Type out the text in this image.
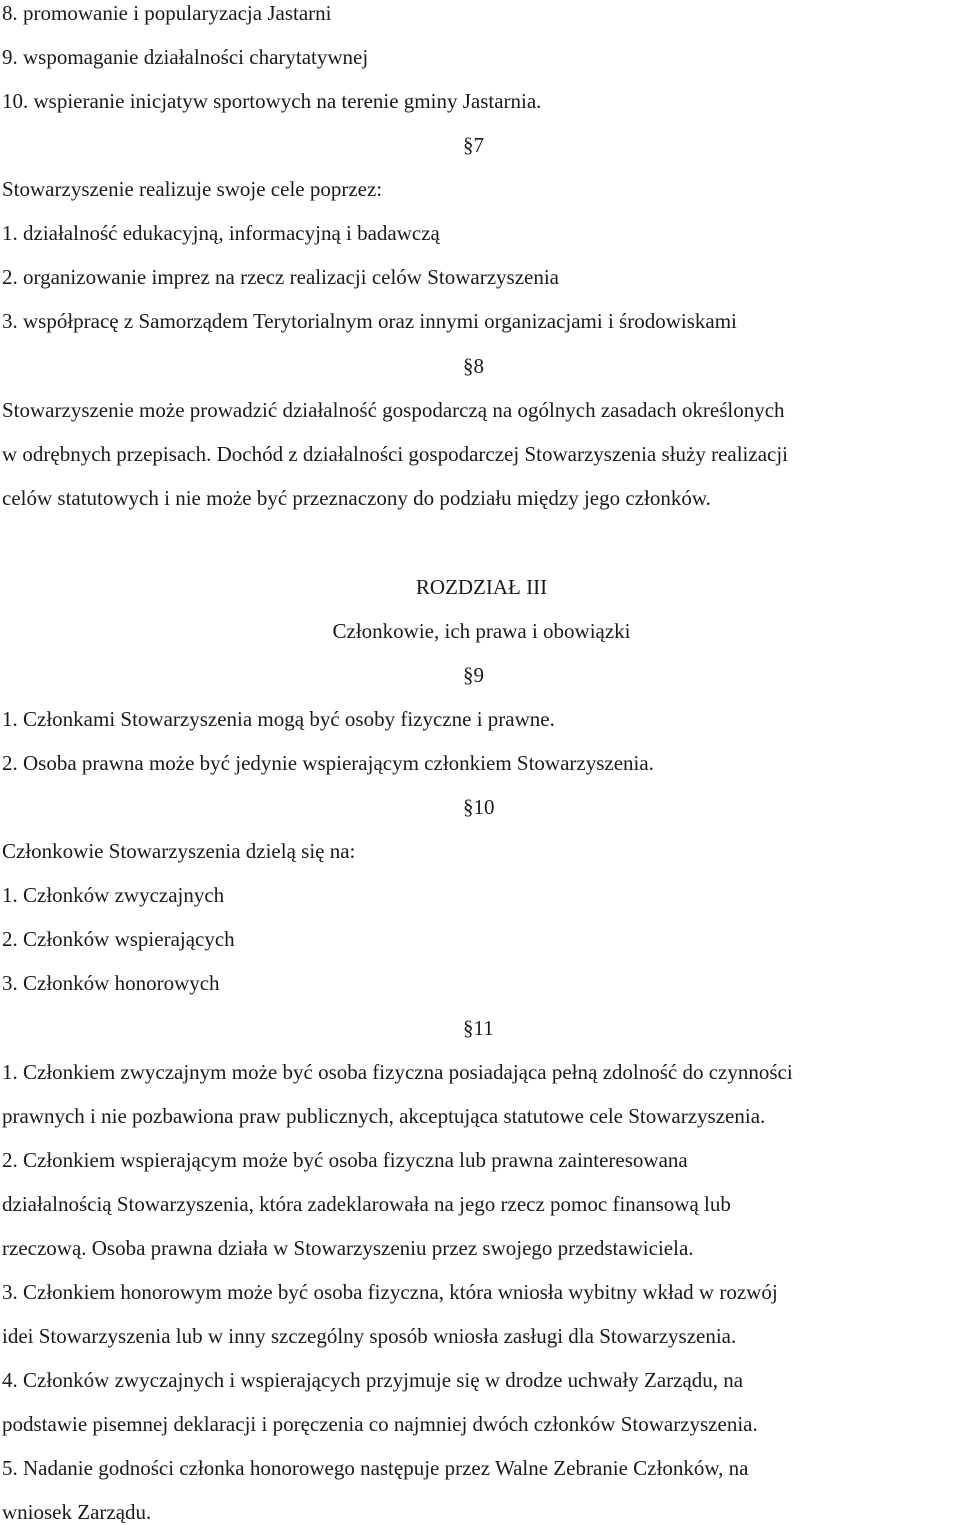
8. promowanie i popularyzacja Jastarni

9. wspomaganie działalności charytatywnej

10. wspieranie inicjatyw sportowych na terenie gminy Jastarnia.

§7

Stowarzyszenie realizuje swoje cele poprzez:

1. działalność edukacyjną, informacyjną i badawczą

2. organizowanie imprez na rzecz realizacji celów Stowarzyszenia

3. współpracę z Samorządem Terytorialnym oraz innymi organizacjami i środowiskami

§8

Stowarzyszenie może prowadzić działalność gospodarczą na ogólnych zasadach określonych

w odrębnych przepisach. Dochód z działalności gospodarczej Stowarzyszenia służy realizacji

celów statutowych i nie może być przeznaczony do podziału między jego członków.

ROZDZIAŁ III

Członkowie, ich prawa i obowiązki

§9

1. Członkami Stowarzyszenia mogą być osoby fizyczne i prawne.

2. Osoba prawna może być jedynie wspierającym członkiem Stowarzyszenia.

§10

Członkowie Stowarzyszenia dzielą się na:

1. Członków zwyczajnych

2. Członków wspierających

3. Członków honorowych

§11

1. Członkiem zwyczajnym może być osoba fizyczna posiadająca pełną zdolność do czynności

prawnych i nie pozbawiona praw publicznych, akceptująca statutowe cele Stowarzyszenia.

2. Członkiem wspierającym może być osoba fizyczna lub prawna zainteresowana

działalnością Stowarzyszenia, która zadeklarowała na jego rzecz pomoc finansową lub

rzeczową. Osoba prawna działa w Stowarzyszeniu przez swojego przedstawiciela.

3. Członkiem honorowym może być osoba fizyczna, która wniosła wybitny wkład w rozwój

idei Stowarzyszenia lub w inny szczególny sposób wniosła zasługi dla Stowarzyszenia.

4. Członków zwyczajnych i wspierających przyjmuje się w drodze uchwały Zarządu, na

podstawie pisemnej deklaracji i poręczenia co najmniej dwóch członków Stowarzyszenia.

5. Nadanie godności członka honorowego następuje przez Walne Zebranie Członków, na

wniosek Zarządu.
